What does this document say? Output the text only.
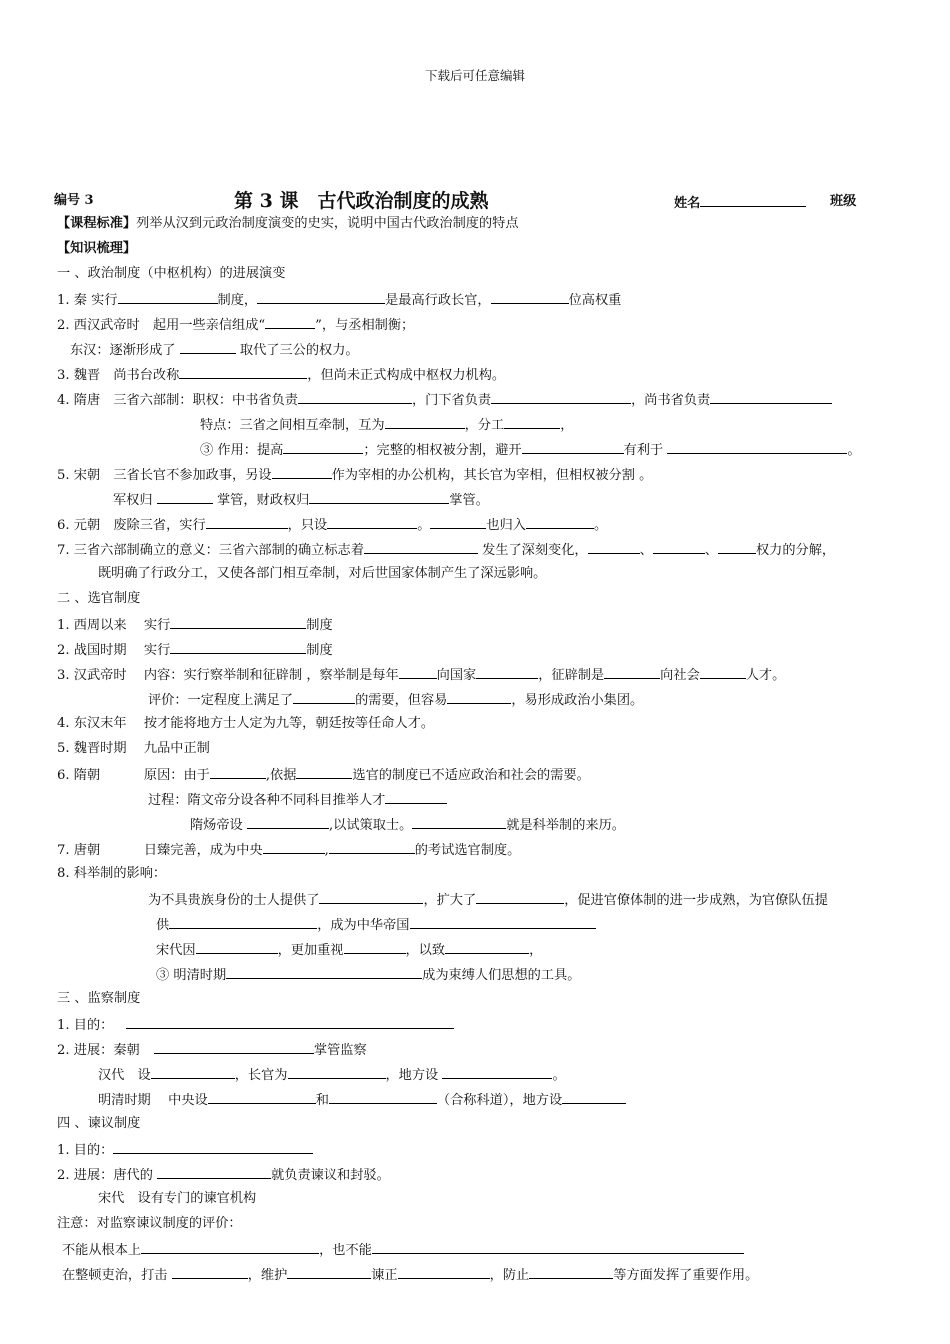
下载后可任意编辑
编号 3	第 3 课　古代政治制度的成熟	姓名	班级
【课程标准】列举从汉到元政治制度演变的史实，说明中国古代政治制度的特点
【知识梳理】
一 、政治制度（中枢机构）的进展演变
1. 秦 实行	制度，	是最高行政长官，	位高权重
2. 西汉武帝时　起用一些亲信组成“	”，与丞相制衡；
东汉：逐渐形成了	取代了三公的权力。
3. 魏晋　尚书台改称	，但尚未正式构成中枢权力机构。
4. 隋唐　三省六部制：职权：中书省负责	，门下省负责	，尚书省负责
特点：三省之间相互牵制，互为	，分工	，
③ 作用：提高	；完整的相权被分割，避开	有利于	。
5. 宋朝　三省长官不参加政事，另设	作为宰相的办公机构，其长官为宰相，但相权被分割 。
军权归	掌管，财政权归	掌管。
6. 元朝　废除三省，实行	，只设	。	也归入	。
7. 三省六部制确立的意义：三省六部制的确立标志着	发生了深刻变化，	、	、	权力的分解，
既明确了行政分工，又使各部门相互牵制，对后世国家体制产生了深远影响。
二 、选官制度
1. 西周以来　 实行	制度
2. 战国时期　 实行	制度
3. 汉武帝时　 内容：实行察举制和征辟制 ，察举制是每年	向国家	，征辟制是	向社会	人才。
评价：一定程度上满足了	的需要，但容易	，易形成政治小集团。
4. 东汉末年　 按才能将地方士人定为九等，朝廷按等任命人才。
5. 魏晋时期　 九品中正制
6. 隋朝　　　 原因：由于	,依据	选官的制度已不适应政治和社会的需要。
过程：隋文帝分设各种不同科目推举人才
隋炀帝设	,以试策取士。	就是科举制的来历。
7. 唐朝　　　 日臻完善，成为中央	,	的考试选官制度。
8. 科举制的影响：
为不具贵族身份的士人提供了	，扩大了	，促进官僚体制的进一步成熟，为官僚队伍提
供	，成为中华帝国
宋代因	，更加重视	，以致	，
③ 明清时期	成为束缚人们思想的工具。
三 、监察制度
1. 目的：
2. 进展：秦朝	掌管监察
汉代　设	，长官为	，地方设	。
明清时期　 中央设	和	（合称科道），地方设
四 、谏议制度
1. 目的：
2. 进展：唐代的	就负责谏议和封驳。
宋代　设有专门的谏官机构
注意：对监察谏议制度的评价：
不能从根本上	，也不能
在整顿吏治，打击	，维护	谏正	，防止	等方面发挥了重要作用。
